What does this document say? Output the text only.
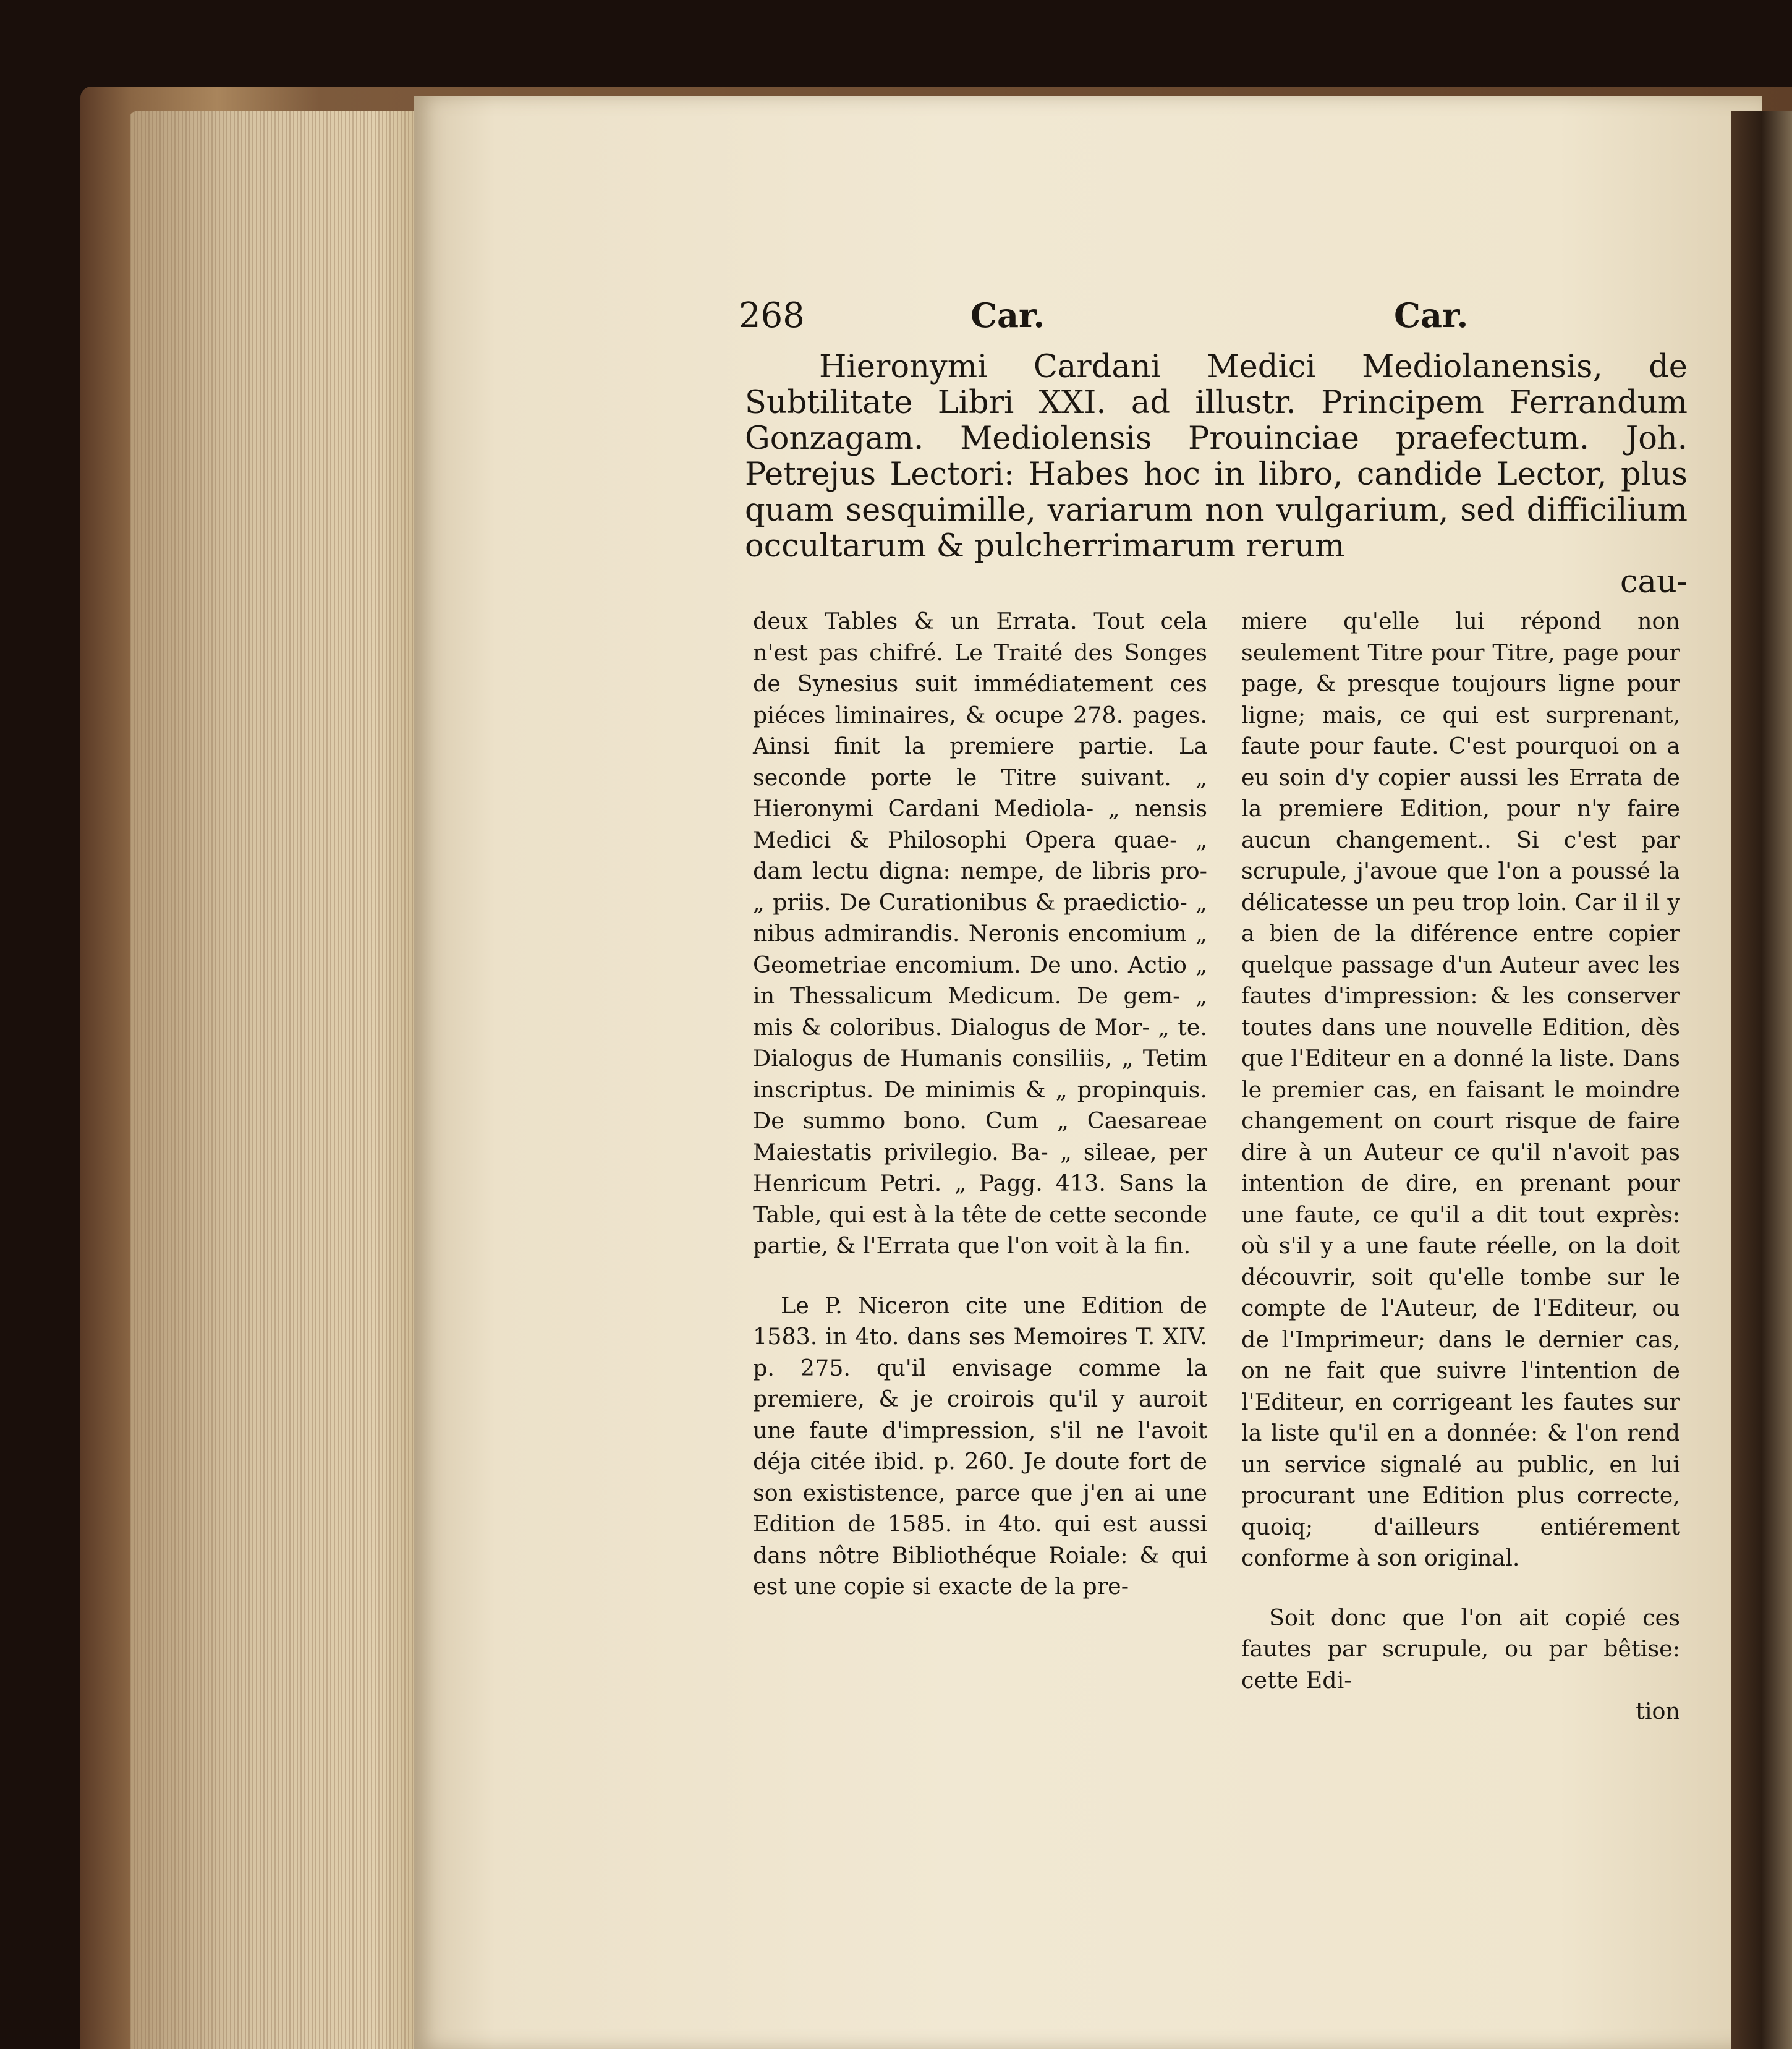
268	Car.	Car.

Hieronymi Cardani Medici Mediolanensis, de Subtilitate Libri XXI. ad illustr. Principem Ferrandum Gonzagam. Mediolensis Prouinciae praefectum. Joh. Petrejus Lectori: Habes hoc in libro, candide Lector, plus quam sesquimille, variarum non vulgarium, sed difficilium occultarum & pulcherrimarum rerum

cau-

deux Tables & un Errata. Tout cela n'est pas chifré. Le Traité des Songes de Synesius suit immédiatement ces piéces liminaires, & ocupe 278. pages. Ainsi finit la premiere partie. La seconde porte le Titre suivant. „ Hieronymi Cardani Mediola- „ nensis Medici & Philosophi Opera quae- „ dam lectu digna: nempe, de libris pro- „ priis. De Curationibus & praedictio- „ nibus admirandis. Neronis encomium „ Geometriae encomium. De uno. Actio „ in Thessalicum Medicum. De gem- „ mis & coloribus. Dialogus de Mor- „ te. Dialogus de Humanis consiliis, „ Tetim inscriptus. De minimis & „ propinquis. De summo bono. Cum „ Caesareae Maiestatis privilegio. Ba- „ sileae, per Henricum Petri. „ Pagg. 413. Sans la Table, qui est à la tête de cette seconde partie, & l'Errata que l'on voit à la fin.

Le P. Niceron cite une Edition de 1583. in 4to. dans ses Memoires T. XIV. p. 275. qu'il envisage comme la premiere, & je croirois qu'il y auroit une faute d'impression, s'il ne l'avoit déja citée ibid. p. 260. Je doute fort de son exististence, parce que j'en ai une Edition de 1585. in 4to. qui est aussi dans nôtre Bibliothéque Roiale: & qui est une copie si exacte de la pre-

miere qu'elle lui répond non seulement Titre pour Titre, page pour page, & presque toujours ligne pour ligne; mais, ce qui est surprenant, faute pour faute. C'est pourquoi on a eu soin d'y copier aussi les Errata de la premiere Edition, pour n'y faire aucun changement.. Si c'est par scrupule, j'avoue que l'on a poussé la délicatesse un peu trop loin. Car il il y a bien de la diférence entre copier quelque passage d'un Auteur avec les fautes d'impression: & les conserver toutes dans une nouvelle Edition, dès que l'Editeur en a donné la liste. Dans le premier cas, en faisant le moindre changement on court risque de faire dire à un Auteur ce qu'il n'avoit pas intention de dire, en prenant pour une faute, ce qu'il a dit tout exprès: où s'il y a une faute réelle, on la doit découvrir, soit qu'elle tombe sur le compte de l'Auteur, de l'Editeur, ou de l'Imprimeur; dans le dernier cas, on ne fait que suivre l'intention de l'Editeur, en corrigeant les fautes sur la liste qu'il en a donnée: & l'on rend un service signalé au public, en lui procurant une Edition plus correcte, quoiq; d'ailleurs entiérement conforme à son original.

Soit donc que l'on ait copié ces fautes par scrupule, ou par bêtise: cette Edi-

tion
